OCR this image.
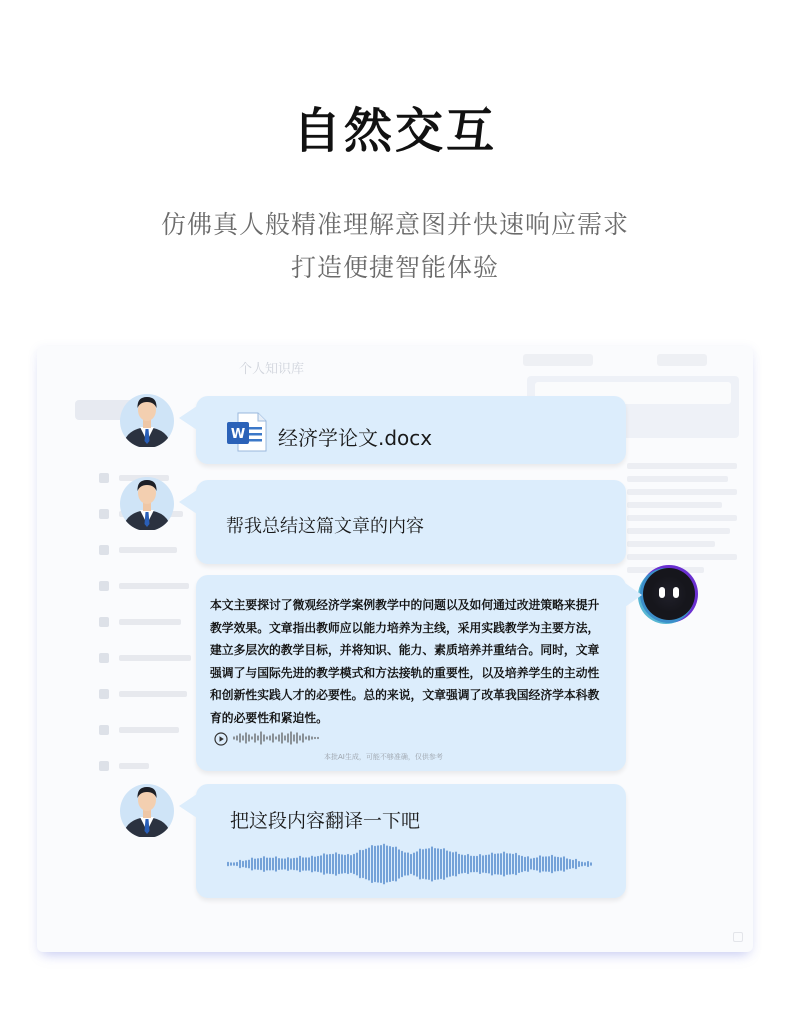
自然交互
仿佛真人般精准理解意图并快速响应需求
打造便捷智能体验
个人知识库
W 经济学论文.docx
帮我总结这篇文章的内容
本文主要探讨了微观经济学案例教学中的问题以及如何通过改进策略来提升教学效果。文章指出教师应以能力培养为主线，采用实践教学为主要方法，建立多层次的教学目标，并将知识、能力、素质培养并重结合。同时，文章强调了与国际先进的教学模式和方法接轨的重要性，以及培养学生的主动性和创新性实践人才的必要性。总的来说，文章强调了改革我国经济学本科教育的必要性和紧迫性。
本批AI生成，可能不够准确，仅供参考
把这段内容翻译一下吧
